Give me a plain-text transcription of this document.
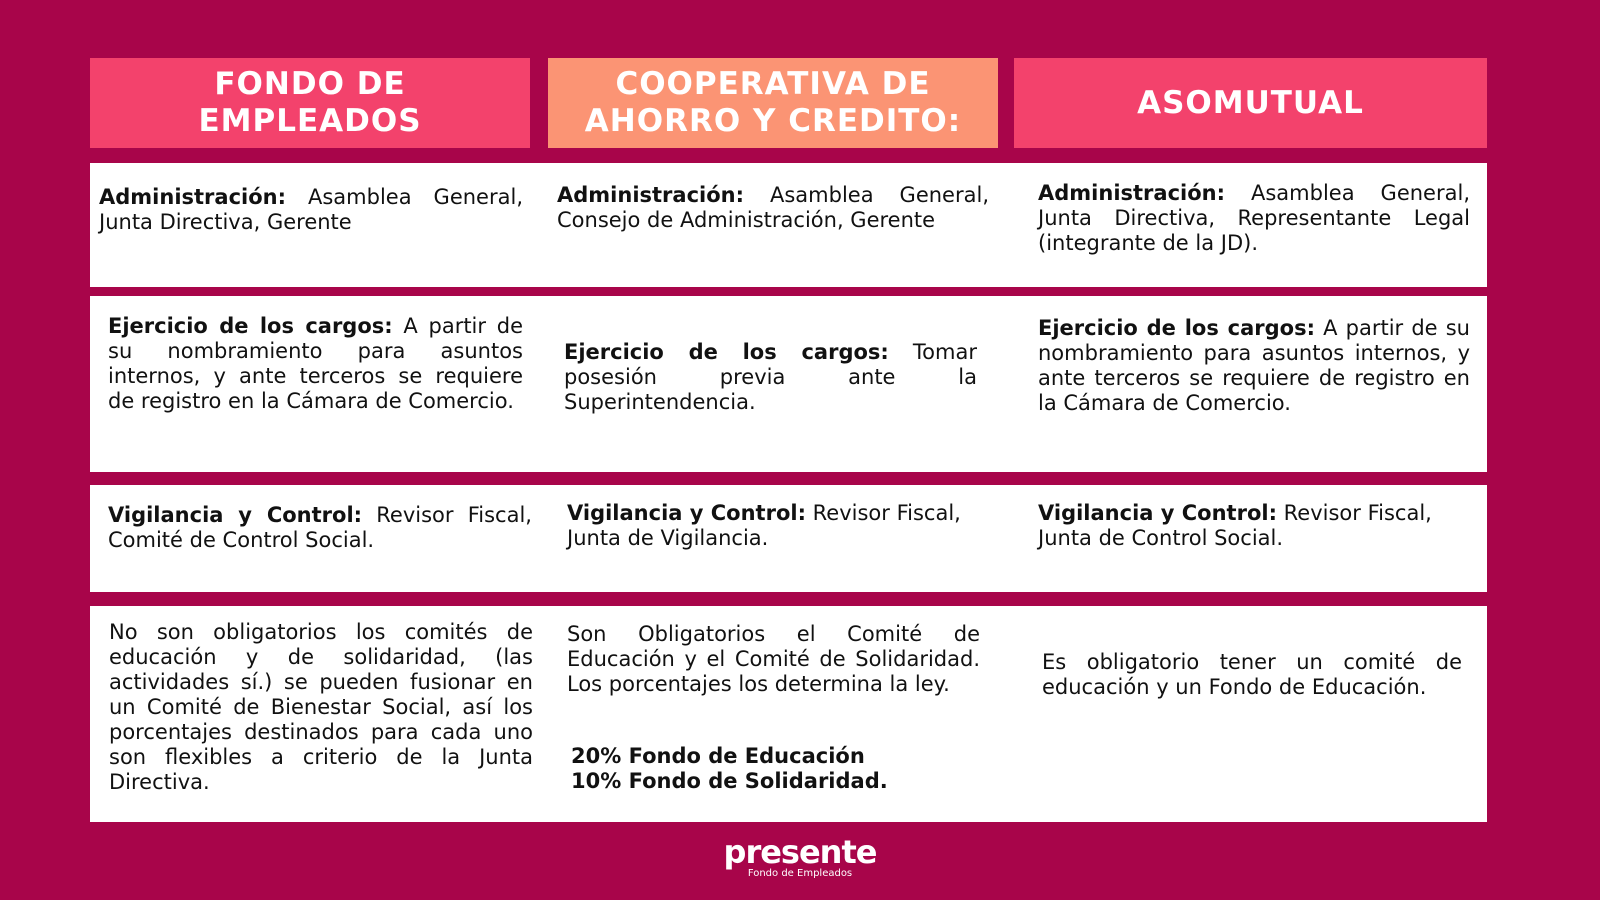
FONDO DE EMPLEADOS
COOPERATIVA DE AHORRO Y CREDITO:
ASOMUTUAL
Administración: Asamblea General, Junta Directiva, Gerente
Administración: Asamblea General, Consejo de Administración, Gerente
Administración: Asamblea General, Junta Directiva, Representante Legal (integrante de la JD).
Ejercicio de los cargos: A partir de su nombramiento para asuntos internos, y ante terceros se requiere de registro en la Cámara de Comercio.
Ejercicio de los cargos: Tomar posesión previa ante la Superintendencia.
Ejercicio de los cargos: A partir de su nombramiento para asuntos internos, y ante terceros se requiere de registro en la Cámara de Comercio.
Vigilancia y Control: Revisor Fiscal, Comité de Control Social.
Vigilancia y Control: Revisor Fiscal, Junta de Vigilancia.
Vigilancia y Control: Revisor Fiscal, Junta de Control Social.
No son obligatorios los comités de educación y de solidaridad, (las actividades sí.) se pueden fusionar en un Comité de Bienestar Social, así los porcentajes destinados para cada uno son flexibles a criterio de la Junta Directiva.
Son Obligatorios el Comité de Educación y el Comité de Solidaridad. Los porcentajes los determina la ley.
20% Fondo de Educación
10% Fondo de Solidaridad.
Es obligatorio tener un comité de educación y un Fondo de Educación.
presente
Fondo de Empleados
